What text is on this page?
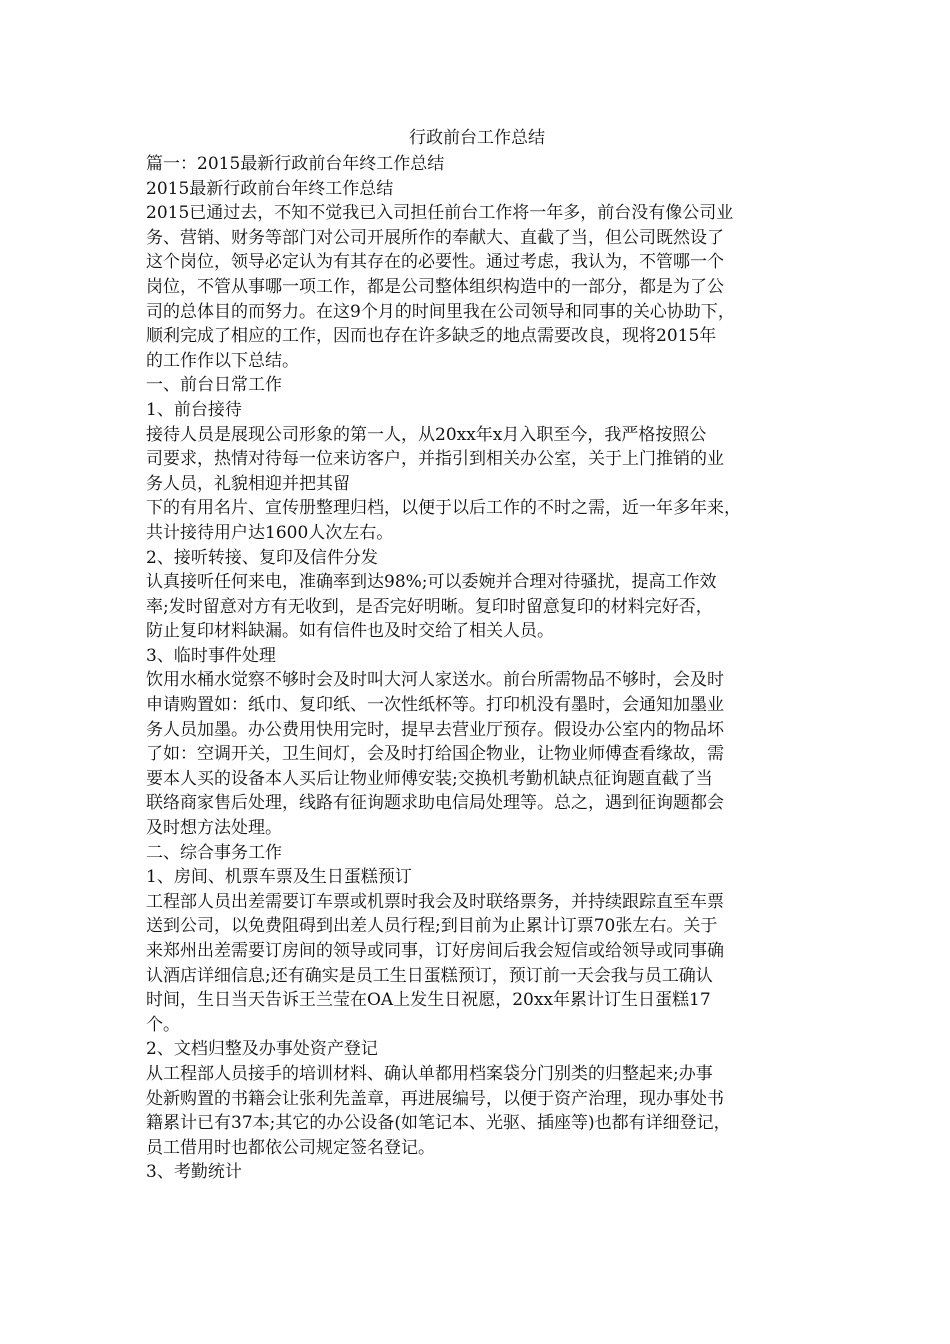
行政前台工作总结
篇一：2015最新行政前台年终工作总结
2015最新行政前台年终工作总结
2015已通过去，不知不觉我已入司担任前台工作将一年多，前台没有像公司业
务、营销、财务等部门对公司开展所作的奉献大、直截了当，但公司既然设了
这个岗位，领导必定认为有其存在的必要性。通过考虑，我认为，不管哪一个
岗位，不管从事哪一项工作，都是公司整体组织构造中的一部分，都是为了公
司的总体目的而努力。在这9个月的时间里我在公司领导和同事的关心协助下，
顺利完成了相应的工作，因而也存在许多缺乏的地点需要改良，现将2015年
的工作作以下总结。
一、前台日常工作
1、前台接待
接待人员是展现公司形象的第一人，从20xx年x月入职至今，我严格按照公
司要求，热情对待每一位来访客户，并指引到相关办公室，关于上门推销的业
务人员，礼貌相迎并把其留
下的有用名片、宣传册整理归档，以便于以后工作的不时之需，近一年多年来，
共计接待用户达1600人次左右。
2、接听转接、复印及信件分发
认真接听任何来电，准确率到达98%;可以委婉并合理对待骚扰，提高工作效
率;发时留意对方有无收到，是否完好明晰。复印时留意复印的材料完好否，
防止复印材料缺漏。如有信件也及时交给了相关人员。
3、临时事件处理
饮用水桶水觉察不够时会及时叫大河人家送水。前台所需物品不够时，会及时
申请购置如：纸巾、复印纸、一次性纸杯等。打印机没有墨时，会通知加墨业
务人员加墨。办公费用快用完时，提早去营业厅预存。假设办公室内的物品坏
了如：空调开关，卫生间灯，会及时打给国企物业，让物业师傅查看缘故，需
要本人买的设备本人买后让物业师傅安装;交换机考勤机缺点征询题直截了当
联络商家售后处理，线路有征询题求助电信局处理等。总之，遇到征询题都会
及时想方法处理。
二、综合事务工作
1、房间、机票车票及生日蛋糕预订
工程部人员出差需要订车票或机票时我会及时联络票务，并持续跟踪直至车票
送到公司，以免费阻碍到出差人员行程;到目前为止累计订票70张左右。关于
来郑州出差需要订房间的领导或同事，订好房间后我会短信或给领导或同事确
认酒店详细信息;还有确实是员工生日蛋糕预订，预订前一天会我与员工确认
时间，生日当天告诉王兰莹在OA上发生日祝愿，20xx年累计订生日蛋糕17
个。
2、文档归整及办事处资产登记
从工程部人员接手的培训材料、确认单都用档案袋分门别类的归整起来;办事
处新购置的书籍会让张利先盖章，再进展编号，以便于资产治理，现办事处书
籍累计已有37本;其它的办公设备(如笔记本、光驱、插座等)也都有详细登记，
员工借用时也都依公司规定签名登记。
3、考勤统计
